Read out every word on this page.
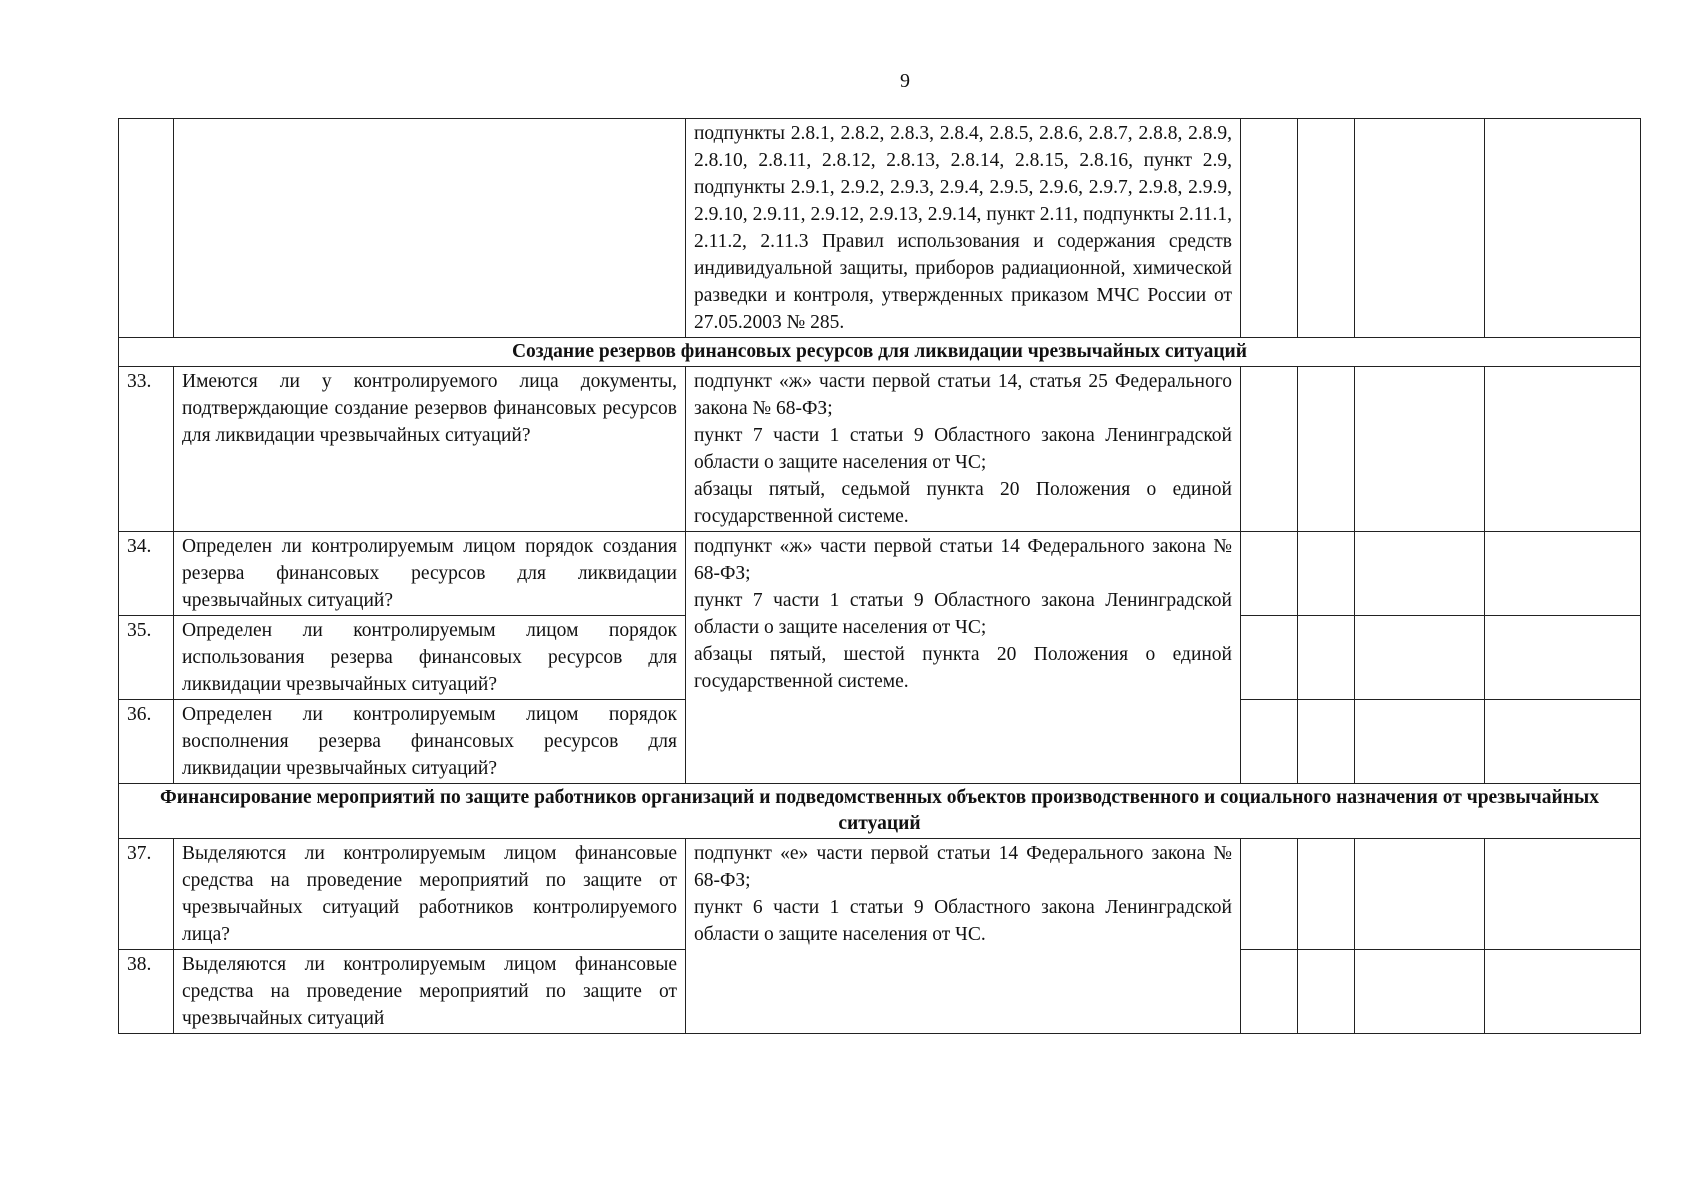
9
		подпункты 2.8.1, 2.8.2, 2.8.3, 2.8.4, 2.8.5, 2.8.6, 2.8.7, 2.8.8, 2.8.9, 2.8.10, 2.8.11, 2.8.12, 2.8.13, 2.8.14, 2.8.15, 2.8.16, пункт 2.9, подпункты 2.9.1, 2.9.2, 2.9.3, 2.9.4, 2.9.5, 2.9.6, 2.9.7, 2.9.8, 2.9.9, 2.9.10, 2.9.11, 2.9.12, 2.9.13, 2.9.14, пункт 2.11, подпункты 2.11.1, 2.11.2, 2.11.3 Правил использования и содержания средств индивидуальной защиты, приборов радиационной, химической разведки и контроля, утвержденных приказом МЧС России от 27.05.2003 № 285.				
Создание резервов финансовых ресурсов для ликвидации чрезвычайных ситуаций						
33.	Имеются ли у контролируемого лица документы, подтверждающие создание резервов финансовых ресурсов для ликвидации чрезвычайных ситуаций?	подпункт «ж» части первой статьи 14, статья 25 Федерального закона № 68-ФЗ;
пункт 7 части 1 статьи 9 Областного закона Ленинградской области о защите населения от ЧС;
абзацы пятый, седьмой пункта 20 Положения о единой государственной системе.				

34.	Определен ли контролируемым лицом порядок создания резерва финансовых ресурсов для ликвидации чрезвычайных ситуаций?	подпункт «ж» части первой статьи 14 Федерального закона № 68-ФЗ;
пункт 7 части 1 статьи 9 Областного закона Ленинградской области о защите населения от ЧС;
абзацы пятый, шестой пункта 20 Положения о единой государственной системе.				

35.	Определен ли контролируемым лицом порядок использования резерва финансовых ресурсов для ликвидации чрезвычайных ситуаций?					
36.	Определен ли контролируемым лицом порядок восполнения резерва финансовых ресурсов для ликвидации чрезвычайных ситуаций?					
Финансирование мероприятий по защите работников организаций и подведомственных объектов производственного и социального назначения от чрезвычайных ситуаций						
37.	Выделяются ли контролируемым лицом финансовые средства на проведение мероприятий по защите от чрезвычайных ситуаций работников контролируемого лица?	подпункт «е» части первой статьи 14 Федерального закона № 68-ФЗ;
пункт 6 части 1 статьи 9 Областного закона Ленинградской области о защите населения от ЧС.				

38.	Выделяются ли контролируемым лицом финансовые средства на проведение мероприятий по защите от чрезвычайных ситуаций					
